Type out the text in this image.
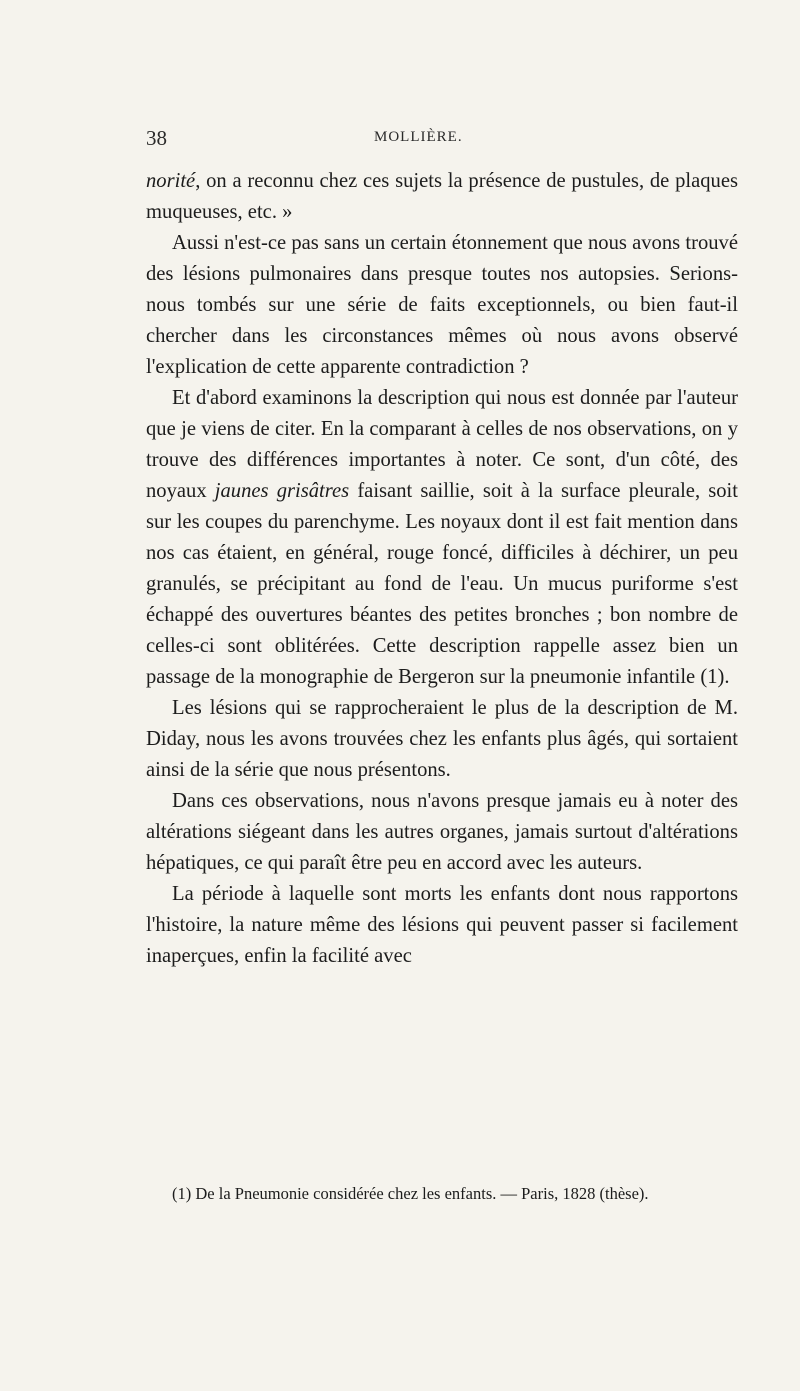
38	MOLLIÈRE.

norité, on a reconnu chez ces sujets la présence de pustules, de plaques muqueuses, etc. »

Aussi n'est-ce pas sans un certain étonnement que nous avons trouvé des lésions pulmonaires dans presque toutes nos autopsies. Serions-nous tombés sur une série de faits exceptionnels, ou bien faut-il chercher dans les circonstances mêmes où nous avons observé l'explication de cette apparente contradiction ?

Et d'abord examinons la description qui nous est donnée par l'auteur que je viens de citer. En la comparant à celles de nos observations, on y trouve des différences importantes à noter. Ce sont, d'un côté, des noyaux jaunes grisâtres faisant saillie, soit à la surface pleurale, soit sur les coupes du parenchyme. Les noyaux dont il est fait mention dans nos cas étaient, en général, rouge foncé, difficiles à déchirer, un peu granulés, se précipitant au fond de l'eau. Un mucus puriforme s'est échappé des ouvertures béantes des petites bronches ; bon nombre de celles-ci sont oblitérées. Cette description rappelle assez bien un passage de la monographie de Bergeron sur la pneumonie infantile (1).

Les lésions qui se rapprocheraient le plus de la description de M. Diday, nous les avons trouvées chez les enfants plus âgés, qui sortaient ainsi de la série que nous présentons.

Dans ces observations, nous n'avons presque jamais eu à noter des altérations siégeant dans les autres organes, jamais surtout d'altérations hépatiques, ce qui paraît être peu en accord avec les auteurs.

La période à laquelle sont morts les enfants dont nous rapportons l'histoire, la nature même des lésions qui peuvent passer si facilement inaperçues, enfin la facilité avec

(1) De la Pneumonie considérée chez les enfants. — Paris, 1828 (thèse).
